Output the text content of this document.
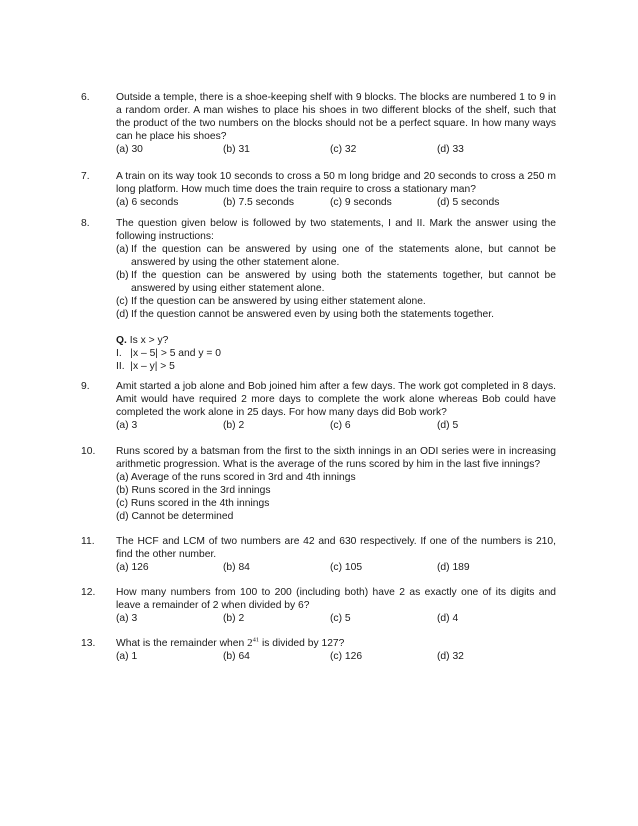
6.	Outside a temple, there is a shoe-keeping shelf with 9 blocks. The blocks are numbered 1 to 9 in a random order. A man wishes to place his shoes in two different blocks of the shelf, such that the product of the two numbers on the blocks should not be a perfect square. In how many ways can he place his shoes?
(a) 30	(b) 31	(c) 32	(d) 33
7.	A train on its way took 10 seconds to cross a 50 m long bridge and 20 seconds to cross a 250 m long platform. How much time does the train require to cross a stationary man?
(a) 6 seconds	(b) 7.5 seconds	(c) 9 seconds	(d) 5 seconds
8.	The question given below is followed by two statements, I and II. Mark the answer using the following instructions:
(a) If the question can be answered by using one of the statements alone, but cannot be answered by using the other statement alone.
(b) If the question can be answered by using both the statements together, but cannot be answered by using either statement alone.
(c) If the question can be answered by using either statement alone.
(d) If the question cannot be answered even by using both the statements together.
Q. Is x > y?
I.   |x – 5| > 5 and y = 0
II.  |x – y| > 5
9.	Amit started a job alone and Bob joined him after a few days. The work got completed in 8 days. Amit would have required 2 more days to complete the work alone whereas Bob could have completed the work alone in 25 days. For how many days did Bob work?
(a) 3	(b) 2	(c) 6	(d) 5
10. Runs scored by a batsman from the first to the sixth innings in an ODI series were in increasing arithmetic progression. What is the average of the runs scored by him in the last five innings?
(a) Average of the runs scored in 3rd and 4th innings
(b) Runs scored in the 3rd innings
(c) Runs scored in the 4th innings
(d) Cannot be determined
11. The HCF and LCM of two numbers are 42 and 630 respectively. If one of the numbers is 210, find the other number.
(a) 126	(b) 84	(c) 105	(d) 189
12. How many numbers from 100 to 200 (including both) have 2 as exactly one of its digits and leave a remainder of 2 when divided by 6?
(a) 3	(b) 2	(c) 5	(d) 4
13. What is the remainder when $2^{41}$ is divided by 127?
(a) 1	(b) 64	(c) 126	(d) 32
